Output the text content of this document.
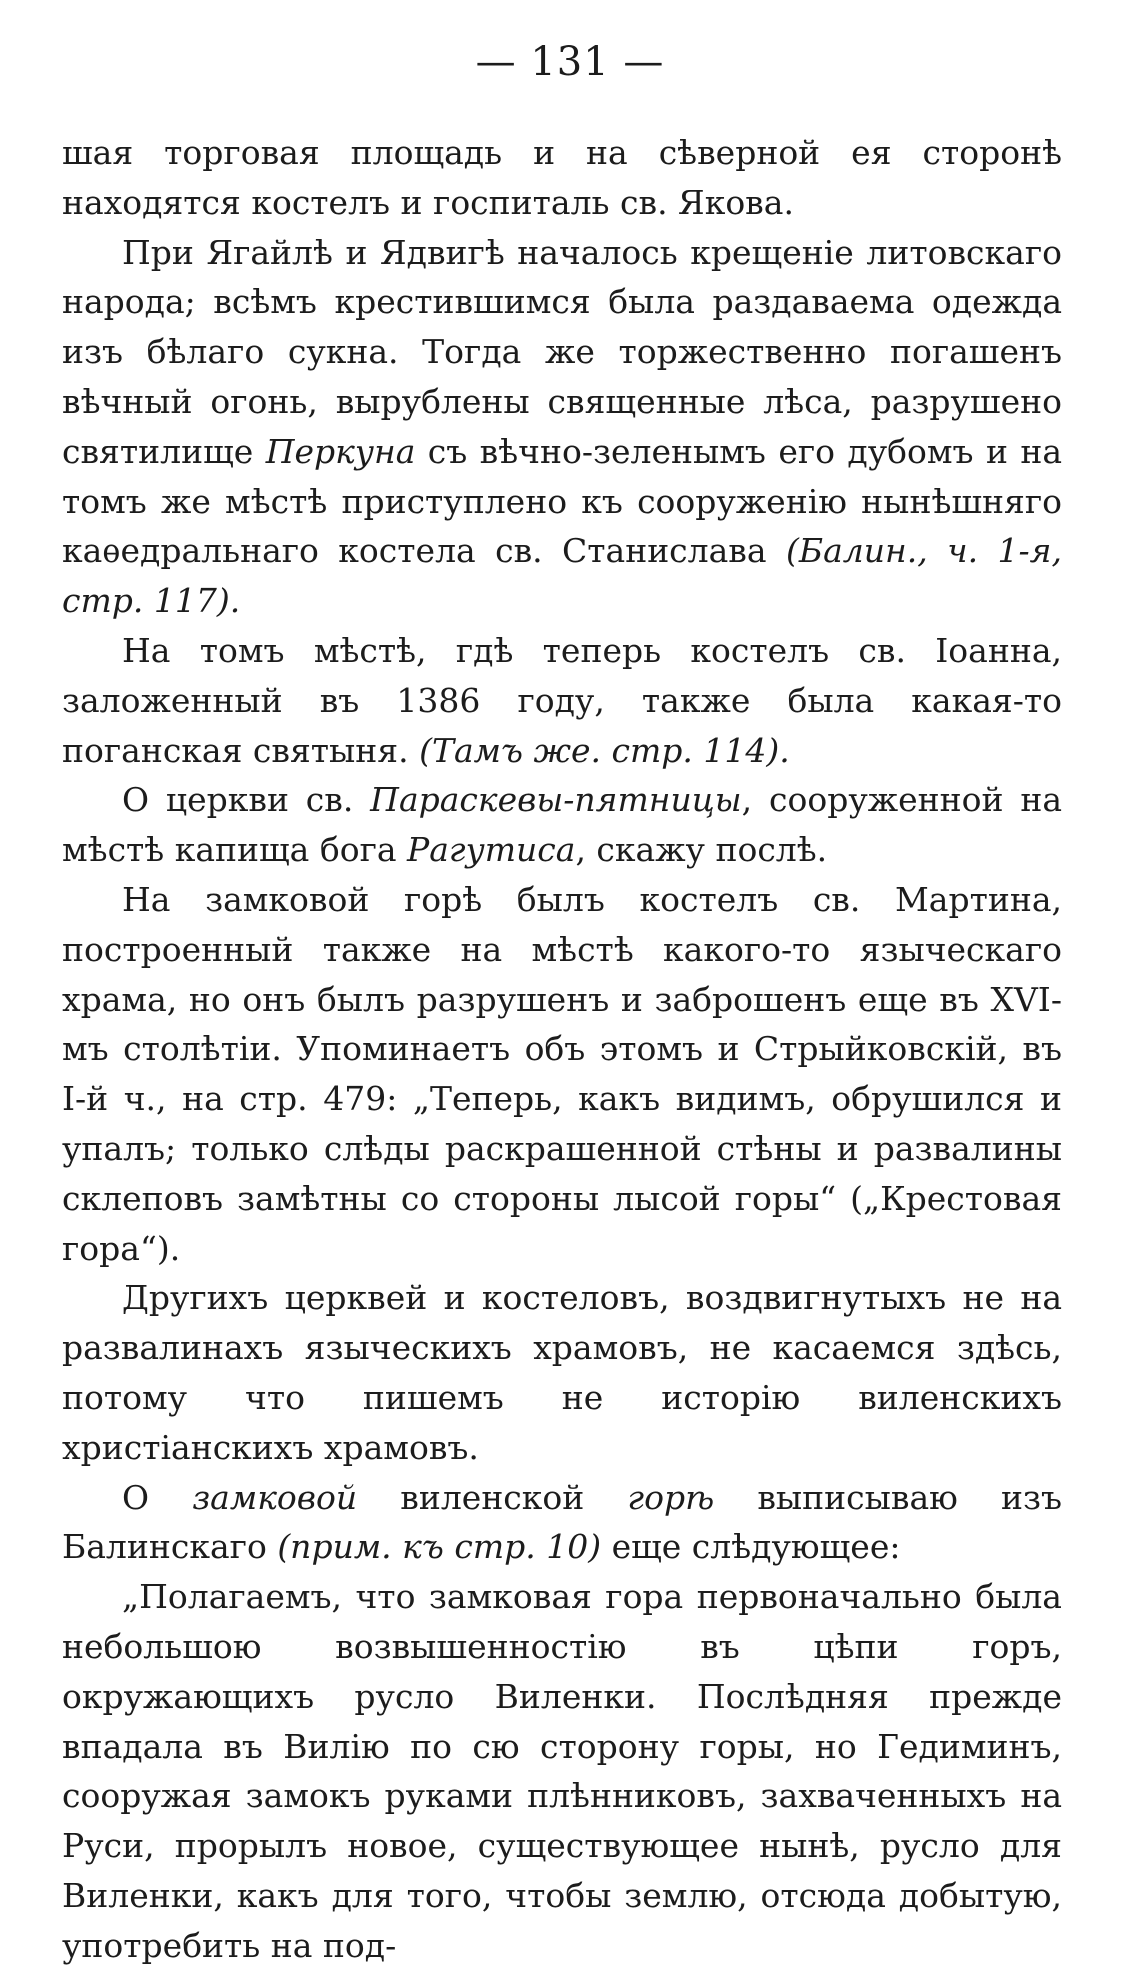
— 131 —

шая торговая площадь и на сѣверной ея сторонѣ находятся костелъ и госпиталь св. Якова.

При Ягайлѣ и Ядвигѣ началось крещеніе литовскаго народа; всѣмъ крестившимся была раздаваема одежда изъ бѣлаго сукна. Тогда же торжественно погашенъ вѣчный огонь, вырублены священные лѣса, разрушено святилище Перкуна съ вѣчно-зеленымъ его дубомъ и на томъ же мѣстѣ приступлено къ сооруженію нынѣшняго каѳедральнаго костела св. Станислава (Балин., ч. 1-я, стр. 117).

На томъ мѣстѣ, гдѣ теперь костелъ св. Іоанна, заложенный въ 1386 году, также была какая-то поганская святыня. (Тамъ же. стр. 114).

О церкви св. Параскевы-пятницы, сооруженной на мѣстѣ капища бога Рагутиса, скажу послѣ.

На замковой горѣ былъ костелъ св. Мартина, построенный также на мѣстѣ какого-то языческаго храма, но онъ былъ разрушенъ и заброшенъ еще въ XVI-мъ столѣтіи. Упоминаетъ объ этомъ и Стрыйковскій, въ І-й ч., на стр. 479: „Теперь, какъ видимъ, обрушился и упалъ; только слѣды раскрашенной стѣны и развалины склеповъ замѣтны со стороны лысой горы“ („Крестовая гора“).

Другихъ церквей и костеловъ, воздвигнутыхъ не на развалинахъ языческихъ храмовъ, не касаемся здѣсь, потому что пишемъ не исторію виленскихъ христіанскихъ храмовъ.

О замковой виленской горѣ выписываю изъ Балинскаго (прим. къ стр. 10) еще слѣдующее:

„Полагаемъ, что замковая гора первоначально была небольшою возвышенностію въ цѣпи горъ, окружающихъ русло Виленки. Послѣдняя прежде впадала въ Вилію по сю сторону горы, но Гедиминъ, сооружая замокъ руками плѣнниковъ, захваченныхъ на Руси, прорылъ новое, существующее нынѣ, русло для Виленки, какъ для того, чтобы землю, отсюда добытую, употребить на под-
